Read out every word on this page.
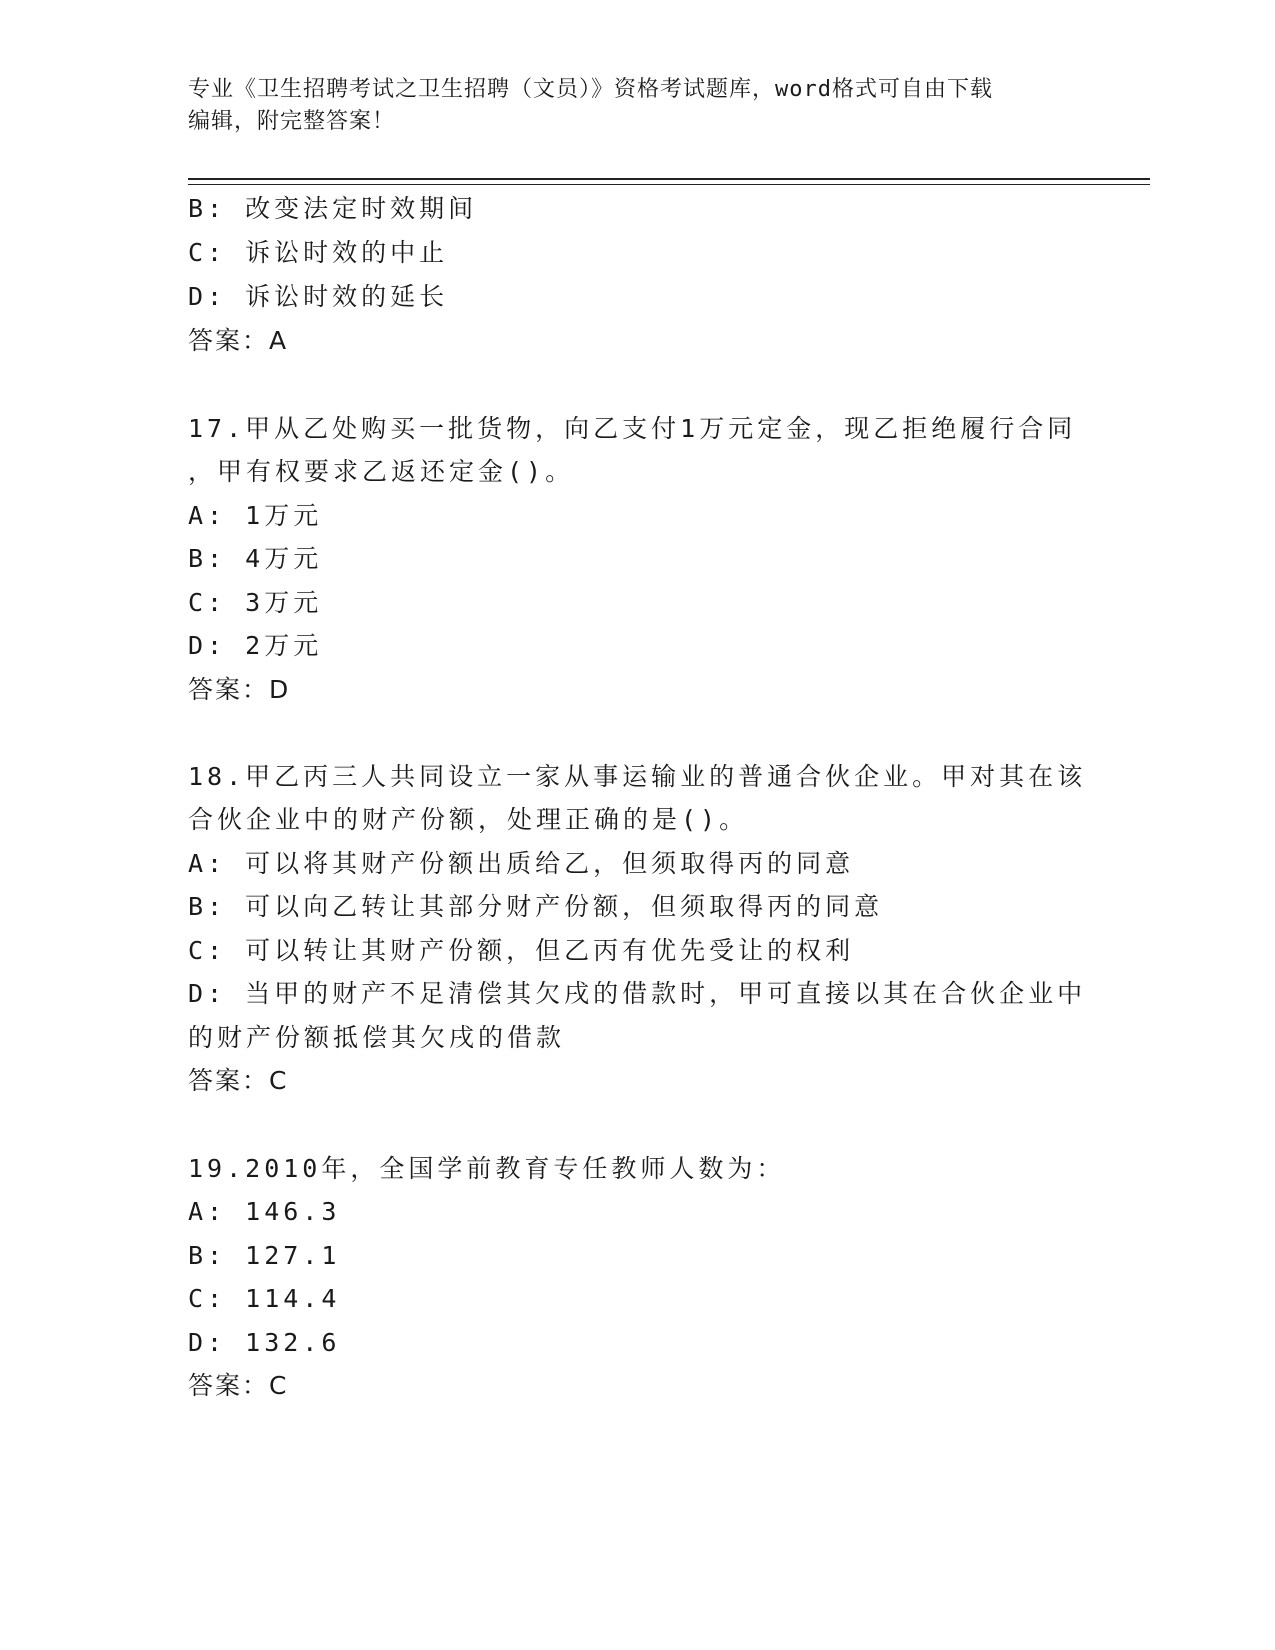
专业《卫生招聘考试之卫生招聘（文员）》资格考试题库，word格式可自由下载
编辑，附完整答案！
B: 改变法定时效期间
C: 诉讼时效的中止
D: 诉讼时效的延长
答案：A
17.甲从乙处购买一批货物，向乙支付1万元定金，现乙拒绝履行合同
，甲有权要求乙返还定金()。
A: 1万元
B: 4万元
C: 3万元
D: 2万元
答案：D
18.甲乙丙三人共同设立一家从事运输业的普通合伙企业。甲对其在该
合伙企业中的财产份额，处理正确的是()。
A: 可以将其财产份额出质给乙，但须取得丙的同意
B: 可以向乙转让其部分财产份额，但须取得丙的同意
C: 可以转让其财产份额，但乙丙有优先受让的权利
D: 当甲的财产不足清偿其欠戌的借款时，甲可直接以其在合伙企业中
的财产份额抵偿其欠戌的借款
答案：C
19.2010年，全国学前教育专任教师人数为：
A: 146.3
B: 127.1
C: 114.4
D: 132.6
答案：C
